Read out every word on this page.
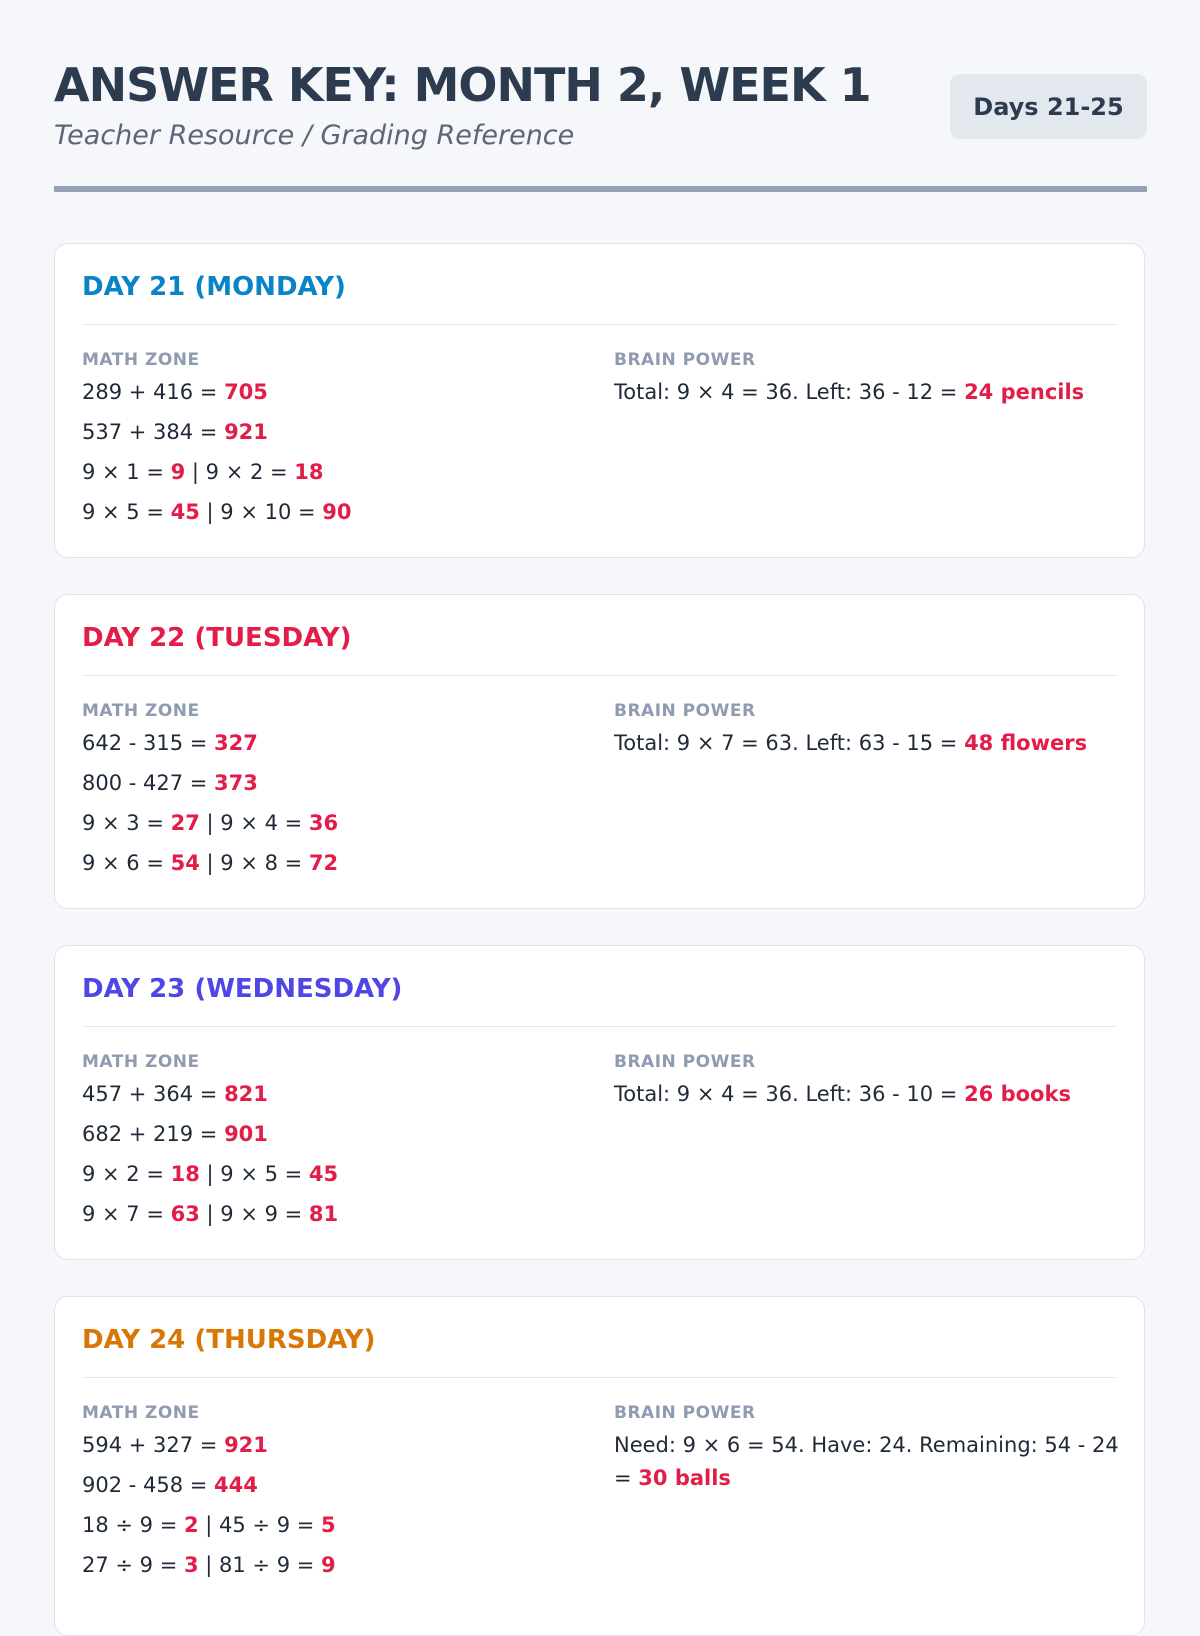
ANSWER KEY: MONTH 2, WEEK 1
Teacher Resource / Grading Reference
Days 21-25
DAY 21 (MONDAY)
MATH ZONE
289 + 416 = 705
537 + 384 = 921
9 × 1 = 9 | 9 × 2 = 18
9 × 5 = 45 | 9 × 10 = 90
BRAIN POWER
Total: 9 × 4 = 36. Left: 36 - 12 = 24 pencils
DAY 22 (TUESDAY)
MATH ZONE
642 - 315 = 327
800 - 427 = 373
9 × 3 = 27 | 9 × 4 = 36
9 × 6 = 54 | 9 × 8 = 72
BRAIN POWER
Total: 9 × 7 = 63. Left: 63 - 15 = 48 flowers
DAY 23 (WEDNESDAY)
MATH ZONE
457 + 364 = 821
682 + 219 = 901
9 × 2 = 18 | 9 × 5 = 45
9 × 7 = 63 | 9 × 9 = 81
BRAIN POWER
Total: 9 × 4 = 36. Left: 36 - 10 = 26 books
DAY 24 (THURSDAY)
MATH ZONE
594 + 327 = 921
902 - 458 = 444
18 ÷ 9 = 2 | 45 ÷ 9 = 5
27 ÷ 9 = 3 | 81 ÷ 9 = 9
BRAIN POWER
Need: 9 × 6 = 54. Have: 24. Remaining: 54 - 24 = 30 balls
